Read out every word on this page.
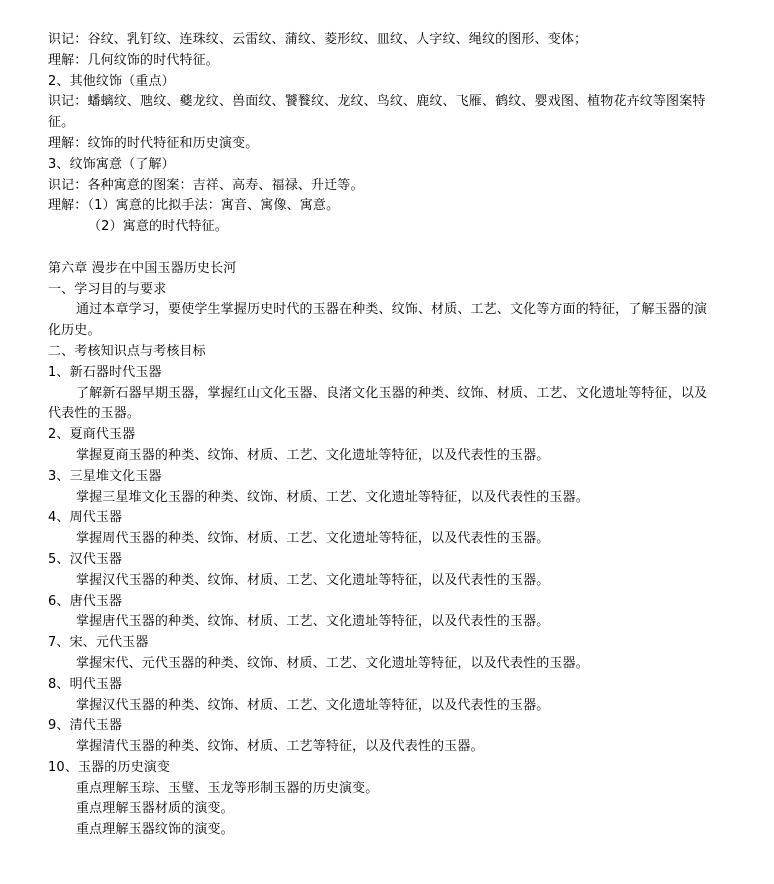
识记：谷纹、乳钉纹、连珠纹、云雷纹、蒲纹、菱形纹、皿纹、人字纹、绳纹的图形、变体；
理解：几何纹饰的时代特征。
2、其他纹饰（重点）
识记：蟠螭纹、虺纹、夔龙纹、兽面纹、饕餮纹、龙纹、鸟纹、鹿纹、飞雁、鹤纹、婴戏图、植物花卉纹等图案特
征。
理解：纹饰的时代特征和历史演变。
3、纹饰寓意（了解）
识记：各种寓意的图案：吉祥、高寿、福禄、升迁等。
理解：（1）寓意的比拟手法：寓音、寓像、寓意。
（2）寓意的时代特征。
第六章 漫步在中国玉器历史长河
一、学习目的与要求
通过本章学习，要使学生掌握历史时代的玉器在种类、纹饰、材质、工艺、文化等方面的特征，了解玉器的演
化历史。
二、考核知识点与考核目标
1、新石器时代玉器
了解新石器早期玉器，掌握红山文化玉器、良渚文化玉器的种类、纹饰、材质、工艺、文化遗址等特征，以及
代表性的玉器。
2、夏商代玉器
掌握夏商玉器的种类、纹饰、材质、工艺、文化遗址等特征，以及代表性的玉器。
3、三星堆文化玉器
掌握三星堆文化玉器的种类、纹饰、材质、工艺、文化遗址等特征，以及代表性的玉器。
4、周代玉器
掌握周代玉器的种类、纹饰、材质、工艺、文化遗址等特征，以及代表性的玉器。
5、汉代玉器
掌握汉代玉器的种类、纹饰、材质、工艺、文化遗址等特征，以及代表性的玉器。
6、唐代玉器
掌握唐代玉器的种类、纹饰、材质、工艺、文化遗址等特征，以及代表性的玉器。
7、宋、元代玉器
掌握宋代、元代玉器的种类、纹饰、材质、工艺、文化遗址等特征，以及代表性的玉器。
8、明代玉器
掌握汉代玉器的种类、纹饰、材质、工艺、文化遗址等特征，以及代表性的玉器。
9、清代玉器
掌握清代玉器的种类、纹饰、材质、工艺等特征，以及代表性的玉器。
10、玉器的历史演变
重点理解玉琮、玉璧、玉龙等形制玉器的历史演变。
重点理解玉器材质的演变。
重点理解玉器纹饰的演变。
